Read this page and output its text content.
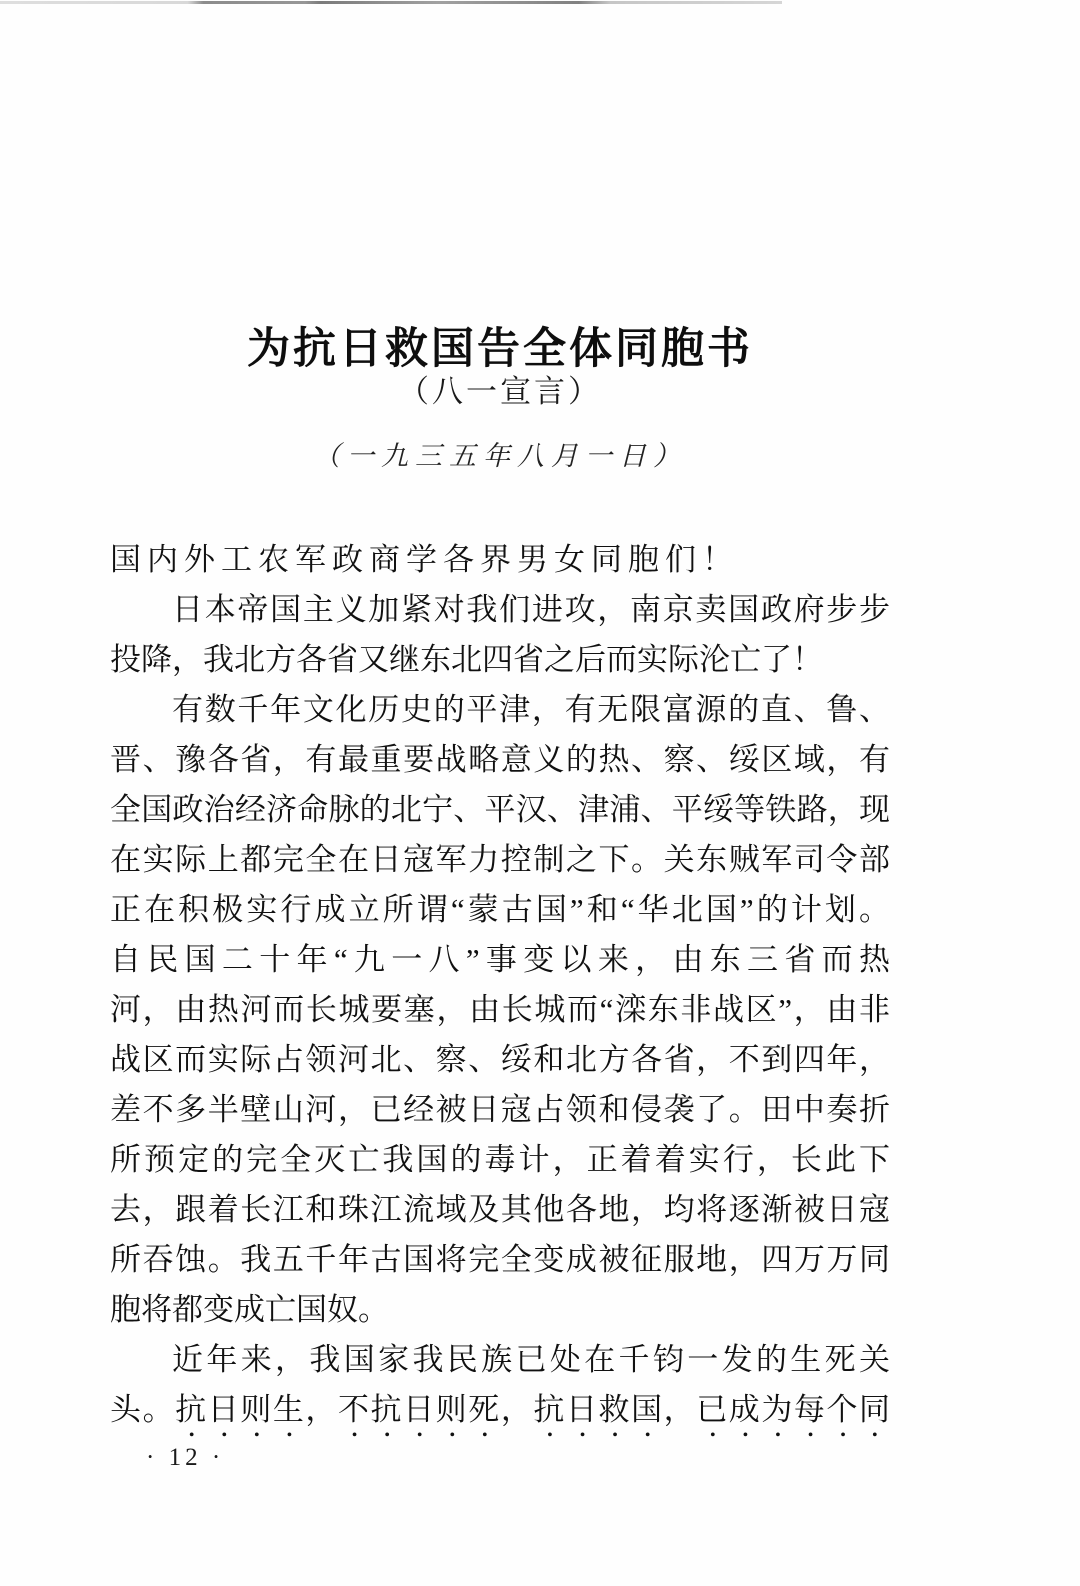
为抗日救国告全体同胞书
（八一宣言）
（一九三五年八月一日）
国内外工农军政商学各界男女同胞们！
日本帝国主义加紧对我们进攻，南京卖国政府步步
投降，我北方各省又继东北四省之后而实际沦亡了！
有数千年文化历史的平津，有无限富源的直、鲁、
晋、豫各省，有最重要战略意义的热、察、绥区域，有
全国政治经济命脉的北宁、平汉、津浦、平绥等铁路，现
在实际上都完全在日寇军力控制之下。关东贼军司令部
正在积极实行成立所谓“蒙古国”和“华北国”的计划。
自民国二十年“九一八”事变以来，由东三省而热
河，由热河而长城要塞，由长城而“滦东非战区”，由非
战区而实际占领河北、察、绥和北方各省，不到四年，
差不多半壁山河，已经被日寇占领和侵袭了。田中奏折
所预定的完全灭亡我国的毒计，正着着实行，长此下
去，跟着长江和珠江流域及其他各地，均将逐渐被日寇
所吞蚀。我五千年古国将完全变成被征服地，四万万同
胞将都变成亡国奴。
近年来，我国家我民族已处在千钧一发的生死关
头。抗日则生，不抗日则死，抗日救国，已成为每个同
· 12 ·
